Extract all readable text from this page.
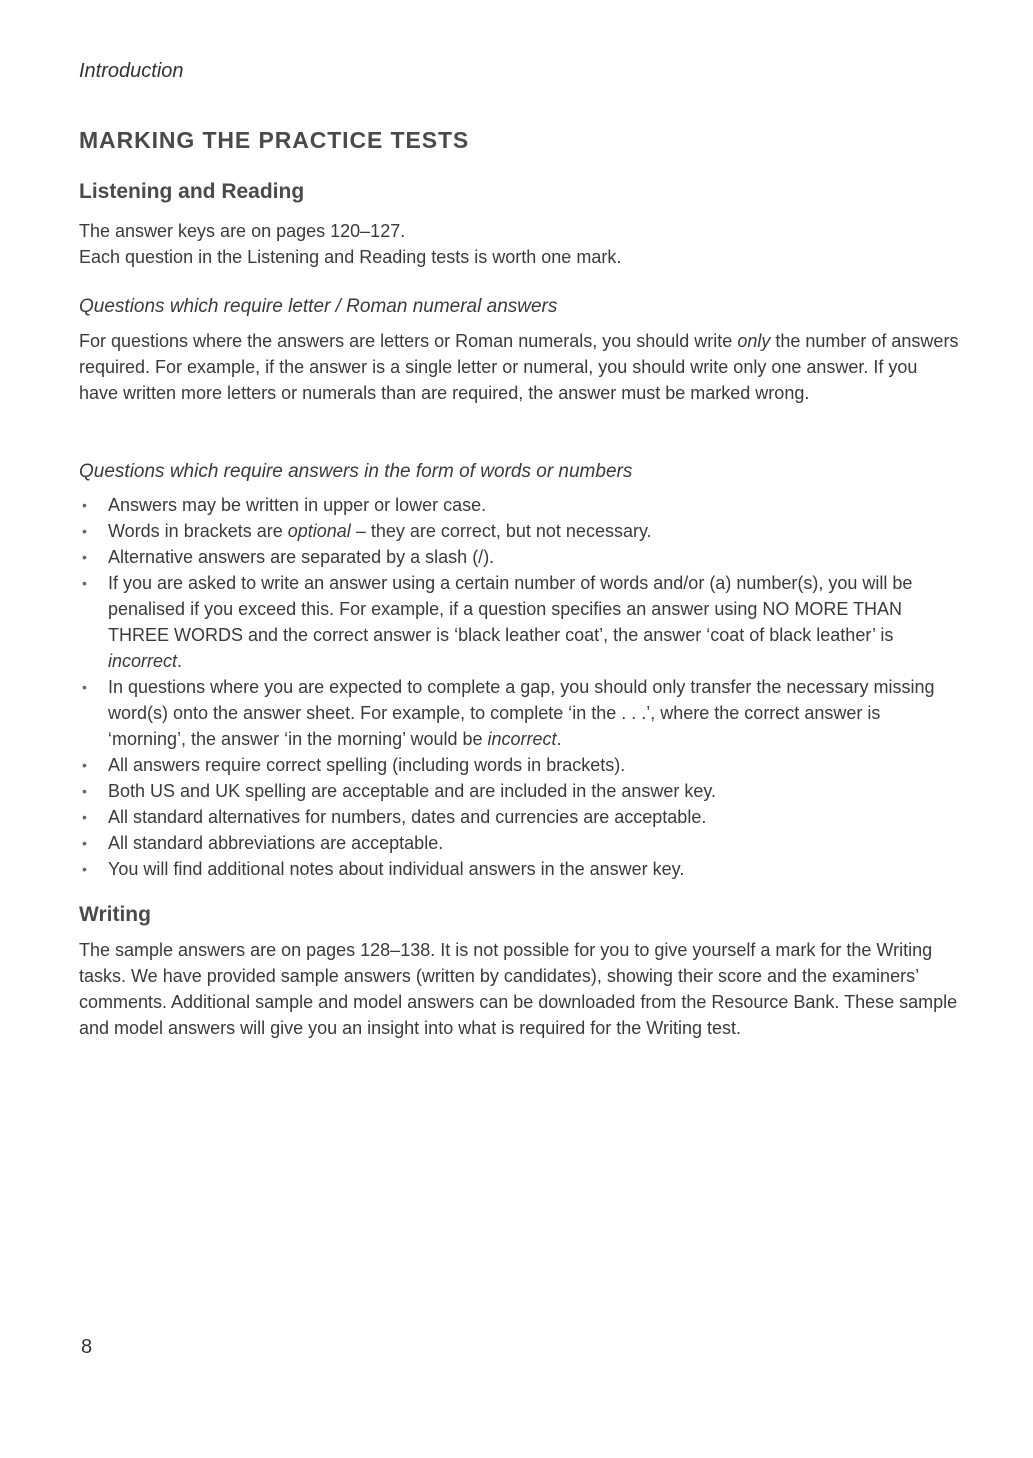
Introduction
MARKING THE PRACTICE TESTS
Listening and Reading

The answer keys are on pages 120–127.

Each question in the Listening and Reading tests is worth one mark.

Questions which require letter / Roman numeral answers

For questions where the answers are letters or Roman numerals, you should write only the number of answers required. For example, if the answer is a single letter or numeral, you should write only one answer. If you have written more letters or numerals than are required, the answer must be marked wrong.

Questions which require answers in the form of words or numbers
• Answers may be written in upper or lower case.
• Words in brackets are optional – they are correct, but not necessary.
• Alternative answers are separated by a slash (/).
• If you are asked to write an answer using a certain number of words and/or (a) number(s), you will be penalised if you exceed this. For example, if a question specifies an answer using NO MORE THAN THREE WORDS and the correct answer is ‘black leather coat’, the answer ‘coat of black leather’ is incorrect.
• In questions where you are expected to complete a gap, you should only transfer the necessary missing word(s) onto the answer sheet. For example, to complete ‘in the . . .’, where the correct answer is ‘morning’, the answer ‘in the morning’ would be incorrect.
• All answers require correct spelling (including words in brackets).
• Both US and UK spelling are acceptable and are included in the answer key.
• All standard alternatives for numbers, dates and currencies are acceptable.
• All standard abbreviations are acceptable.
• You will find additional notes about individual answers in the answer key.
Writing

The sample answers are on pages 128–138. It is not possible for you to give yourself a mark for the Writing tasks. We have provided sample answers (written by candidates), showing their score and the examiners’ comments. Additional sample and model answers can be downloaded from the Resource Bank. These sample and model answers will give you an insight into what is required for the Writing test.

8
